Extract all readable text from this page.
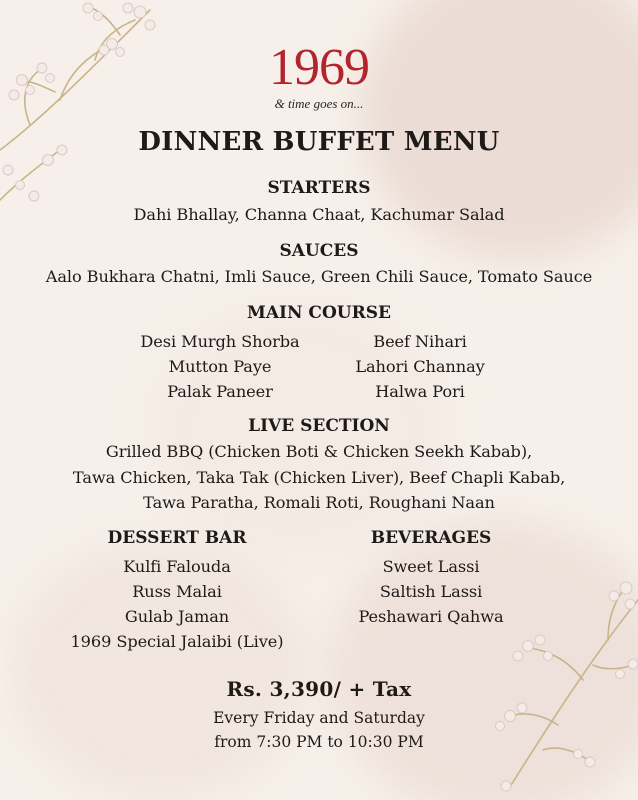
1969
& time goes on...
DINNER BUFFET MENU
STARTERS
Dahi Bhallay, Channa Chaat, Kachumar Salad
SAUCES
Aalo Bukhara Chatni, Imli Sauce, Green Chili Sauce, Tomato Sauce
MAIN COURSE
Desi Murgh Shorba
Mutton Paye
Palak Paneer
Beef Nihari
Lahori Channay
Halwa Pori
LIVE SECTION
Grilled BBQ (Chicken Boti & Chicken Seekh Kabab),
Tawa Chicken, Taka Tak (Chicken Liver), Beef Chapli Kabab,
Tawa Paratha, Romali Roti, Roughani Naan
DESSERT BAR
Kulfi Falouda
Russ Malai
Gulab Jaman
1969 Special Jalaibi (Live)
BEVERAGES
Sweet Lassi
Saltish Lassi
Peshawari Qahwa
Rs. 3,390/ + Tax
Every Friday and Saturday
from 7:30 PM to 10:30 PM
